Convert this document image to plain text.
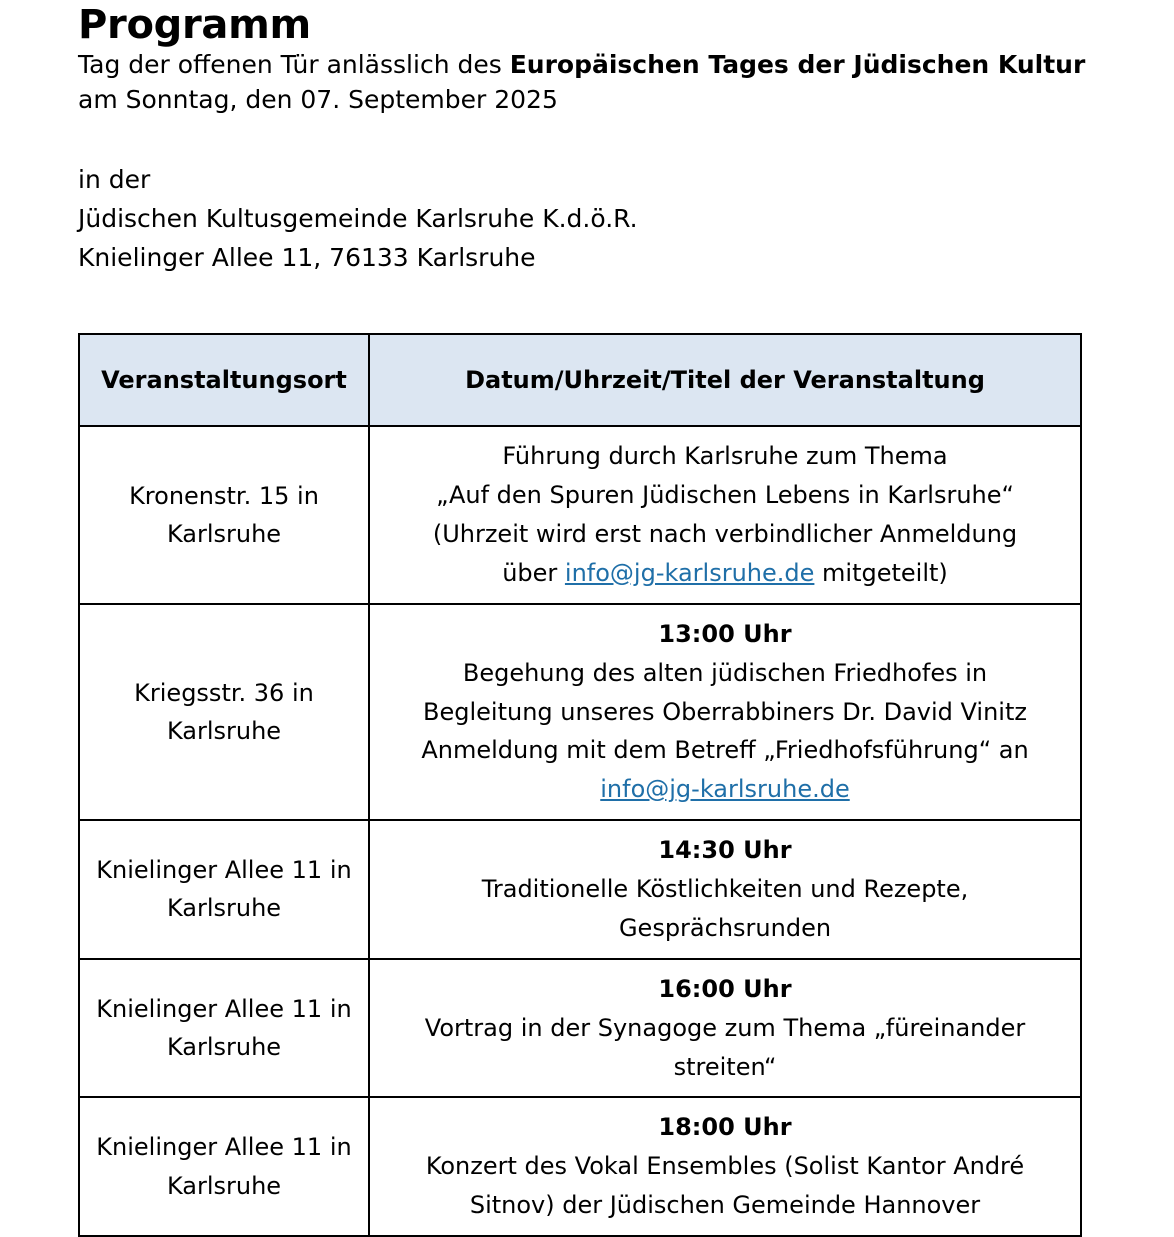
Programm
Tag der offenen Tür anlässlich des Europäischen Tages der Jüdischen Kultur
am Sonntag, den 07. September 2025
in der
Jüdischen Kultusgemeinde Karlsruhe K.d.ö.R.
Knielinger Allee 11, 76133 Karlsruhe
Veranstaltungsort	Datum/Uhrzeit/Titel der Veranstaltung
Kronenstr. 15 in Karlsruhe	Führung durch Karlsruhe zum Thema
„Auf den Spuren Jüdischen Lebens in Karlsruhe“
(Uhrzeit wird erst nach verbindlicher Anmeldung
über info@jg-karlsruhe.de mitgeteilt)

Kriegsstr. 36 in Karlsruhe	13:00 Uhr
Begehung des alten jüdischen Friedhofes in
Begleitung unseres Oberrabbiners Dr. David Vinitz
Anmeldung mit dem Betreff „Friedhofsführung“ an
info@jg-karlsruhe.de

Knielinger Allee 11 in Karlsruhe	14:30 Uhr
Traditionelle Köstlichkeiten und Rezepte,
Gesprächsrunden

Knielinger Allee 11 in Karlsruhe	16:00 Uhr
Vortrag in der Synagoge zum Thema „füreinander
streiten“

Knielinger Allee 11 in Karlsruhe	18:00 Uhr
Konzert des Vokal Ensembles (Solist Kantor André
Sitnov) der Jüdischen Gemeinde Hannover
